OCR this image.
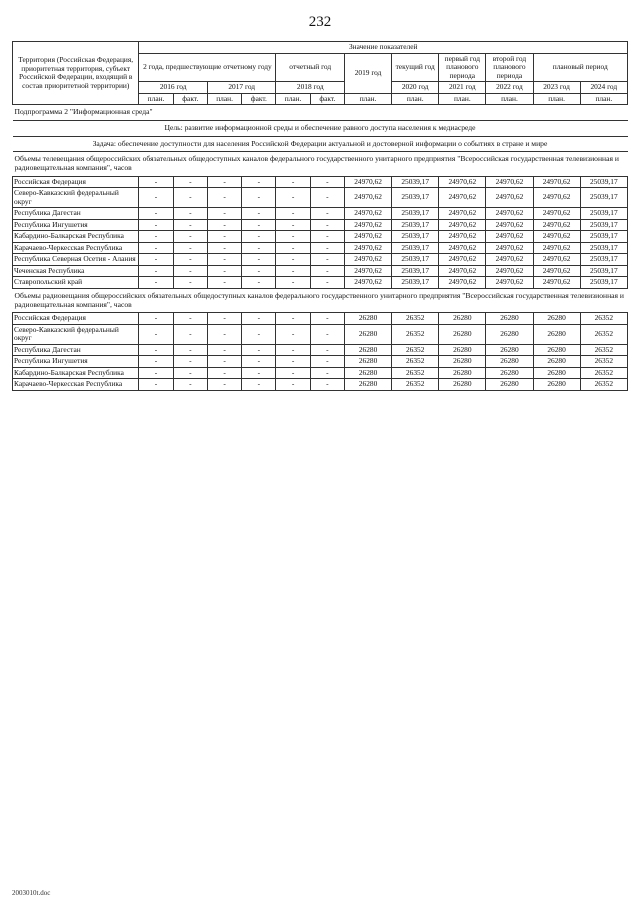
232
Территория (Российская Федерация, приоритетная территория, субъект Российской Федерации, входящий в состав приоритетной территории)	Значение показателей											
	2 года, предшествующие отчетному году				отчетный год		2019 год	текущий год	первый год планового периода	второй год планового периода	плановый период	
	2016 год		2017 год		2018 год			2020 год	2021 год	2022 год	2023 год	2024 год
	план.	факт.	план.	факт.	план.	факт.	план.	план.	план.	план.	план.	план.
Подпрограмма 2 "Информационная среда"												
Цель: развитие информационной среды и обеспечение равного доступа населения к медиасреде												
Задача: обеспечение доступности для населения Российской Федерации актуальной и достоверной информации о событиях в стране и мире												
Объемы телевещания общероссийских обязательных общедоступных каналов федерального государственного унитарного предприятия "Всероссийская государственная телевизионная и радиовещательная компания", часов												
Российская Федерация	-	-	-	-	-	-	24970,62	25039,17	24970,62	24970,62	24970,62	25039,17
Северо-Кавказский федеральный округ	-	-	-	-	-	-	24970,62	25039,17	24970,62	24970,62	24970,62	25039,17
Республика Дагестан	-	-	-	-	-	-	24970,62	25039,17	24970,62	24970,62	24970,62	25039,17
Республика Ингушетия	-	-	-	-	-	-	24970,62	25039,17	24970,62	24970,62	24970,62	25039,17
Кабардино-Балкарская Республика	-	-	-	-	-	-	24970,62	25039,17	24970,62	24970,62	24970,62	25039,17
Карачаево-Черкесская Республика	-	-	-	-	-	-	24970,62	25039,17	24970,62	24970,62	24970,62	25039,17
Республика Северная Осетия - Алания	-	-	-	-	-	-	24970,62	25039,17	24970,62	24970,62	24970,62	25039,17
Чеченская Республика	-	-	-	-	-	-	24970,62	25039,17	24970,62	24970,62	24970,62	25039,17
Ставропольский край	-	-	-	-	-	-	24970,62	25039,17	24970,62	24970,62	24970,62	25039,17
Объемы радиовещания общероссийских обязательных общедоступных каналов федерального государственного унитарного предприятия "Всероссийская государственная телевизионная и радиовещательная компания", часов												
Российская Федерация	-	-	-	-	-	-	26280	26352	26280	26280	26280	26352
Северо-Кавказский федеральный округ	-	-	-	-	-	-	26280	26352	26280	26280	26280	26352
Республика Дагестан	-	-	-	-	-	-	26280	26352	26280	26280	26280	26352
Республика Ингушетия	-	-	-	-	-	-	26280	26352	26280	26280	26280	26352
Кабардино-Балкарская Республика	-	-	-	-	-	-	26280	26352	26280	26280	26280	26352
Карачаево-Черкесская Республика	-	-	-	-	-	-	26280	26352	26280	26280	26280	26352
2003010t.doc
